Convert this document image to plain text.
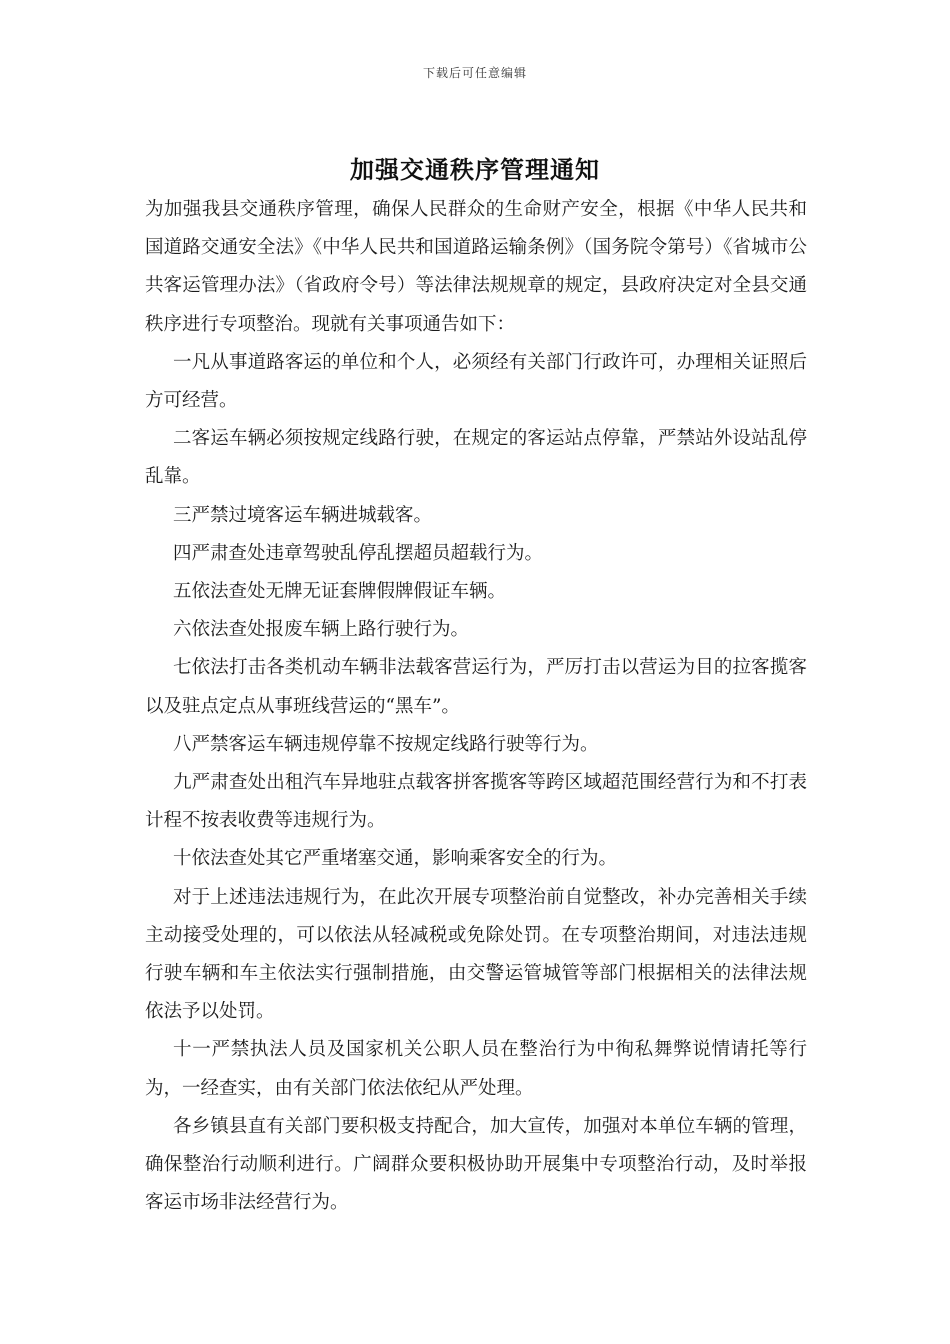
下载后可任意编辑
加强交通秩序管理通知

为加强我县交通秩序管理，确保人民群众的生命财产安全，根据《中华人民共和国道路交通安全法》《中华人民共和国道路运输条例》（国务院令第号）《省城市公共客运管理办法》（省政府令号）等法律法规规章的规定，县政府决定对全县交通秩序进行专项整治。现就有关事项通告如下：

一凡从事道路客运的单位和个人，必须经有关部门行政许可，办理相关证照后方可经营。

二客运车辆必须按规定线路行驶，在规定的客运站点停靠，严禁站外设站乱停乱靠。

三严禁过境客运车辆进城载客。

四严肃查处违章驾驶乱停乱摆超员超载行为。

五依法查处无牌无证套牌假牌假证车辆。

六依法查处报废车辆上路行驶行为。

七依法打击各类机动车辆非法载客营运行为，严厉打击以营运为目的拉客揽客以及驻点定点从事班线营运的“黑车”。

八严禁客运车辆违规停靠不按规定线路行驶等行为。

九严肃查处出租汽车异地驻点载客拼客揽客等跨区域超范围经营行为和不打表计程不按表收费等违规行为。

十依法查处其它严重堵塞交通，影响乘客安全的行为。

对于上述违法违规行为，在此次开展专项整治前自觉整改，补办完善相关手续主动接受处理的，可以依法从轻减税或免除处罚。在专项整治期间，对违法违规行驶车辆和车主依法实行强制措施，由交警运管城管等部门根据相关的法律法规依法予以处罚。

十一严禁执法人员及国家机关公职人员在整治行为中徇私舞弊说情请托等行为，一经查实，由有关部门依法依纪从严处理。

各乡镇县直有关部门要积极支持配合，加大宣传，加强对本单位车辆的管理，确保整治行动顺利进行。广阔群众要积极协助开展集中专项整治行动，及时举报客运市场非法经营行为。
